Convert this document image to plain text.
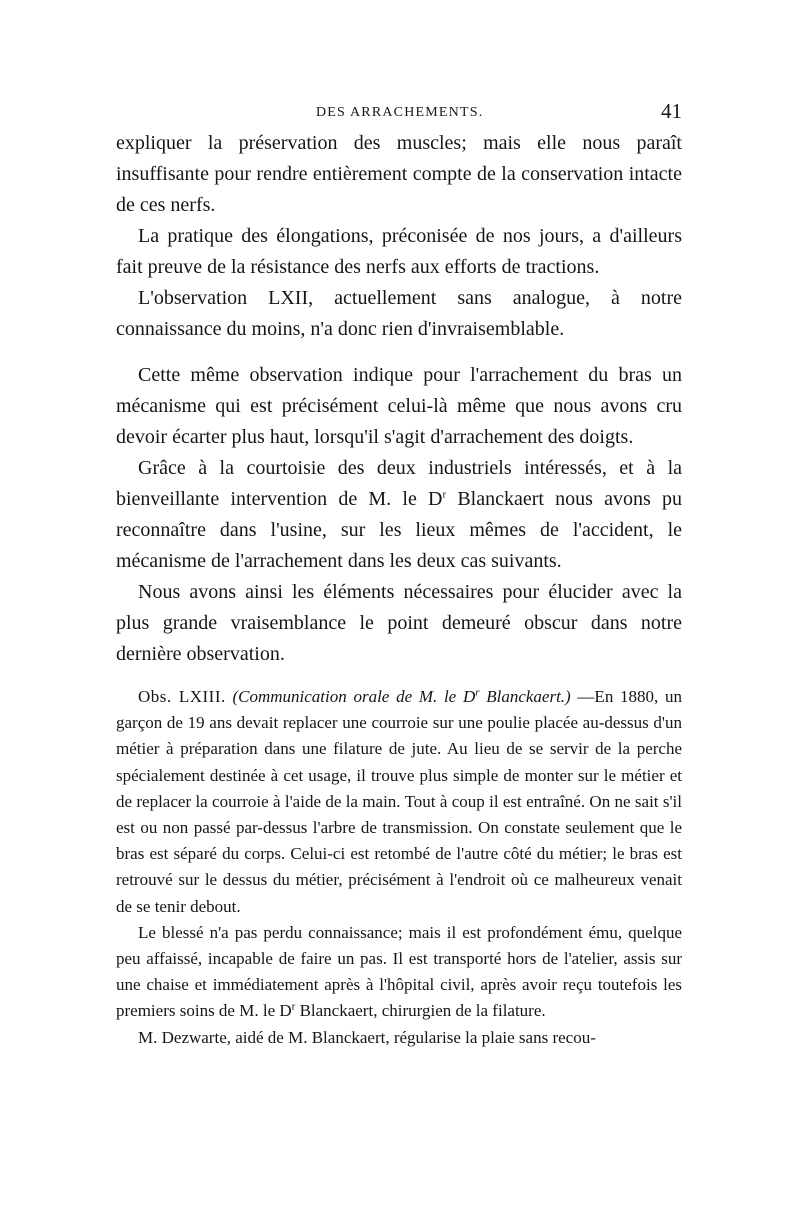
DES ARRACHEMENTS.	41

expliquer la préservation des muscles; mais elle nous paraît insuffisante pour rendre entièrement compte de la conservation intacte de ces nerfs.

La pratique des élongations, préconisée de nos jours, a d'ailleurs fait preuve de la résistance des nerfs aux efforts de tractions.

L'observation LXII, actuellement sans analogue, à notre connaissance du moins, n'a donc rien d'invraisemblable.

Cette même observation indique pour l'arrachement du bras un mécanisme qui est précisément celui-là même que nous avons cru devoir écarter plus haut, lorsqu'il s'agit d'arrachement des doigts.

Grâce à la courtoisie des deux industriels intéressés, et à la bienveillante intervention de M. le $D^r$ Blanckaert nous avons pu reconnaître dans l'usine, sur les lieux mêmes de l'accident, le mécanisme de l'arrachement dans les deux cas suivants.

Nous avons ainsi les éléments nécessaires pour élucider avec la plus grande vraisemblance le point demeuré obscur dans notre dernière observation.

Obs. LXIII. (Communication orale de M. le $D^r$ Blanckaert.) —En 1880, un garçon de 19 ans devait replacer une courroie sur une poulie placée au-dessus d'un métier à préparation dans une filature de jute. Au lieu de se servir de la perche spécialement destinée à cet usage, il trouve plus simple de monter sur le métier et de replacer la courroie à l'aide de la main. Tout à coup il est entraîné. On ne sait s'il est ou non passé par-dessus l'arbre de transmission. On constate seulement que le bras est séparé du corps. Celui-ci est retombé de l'autre côté du métier; le bras est retrouvé sur le dessus du métier, précisément à l'endroit où ce malheureux venait de se tenir debout.

Le blessé n'a pas perdu connaissance; mais il est profondément ému, quelque peu affaissé, incapable de faire un pas. Il est transporté hors de l'atelier, assis sur une chaise et immédiatement après à l'hôpital civil, après avoir reçu toutefois les premiers soins de M. le $D^r$ Blanckaert, chirurgien de la filature.

M. Dezwarte, aidé de M. Blanckaert, régularise la plaie sans recou-
